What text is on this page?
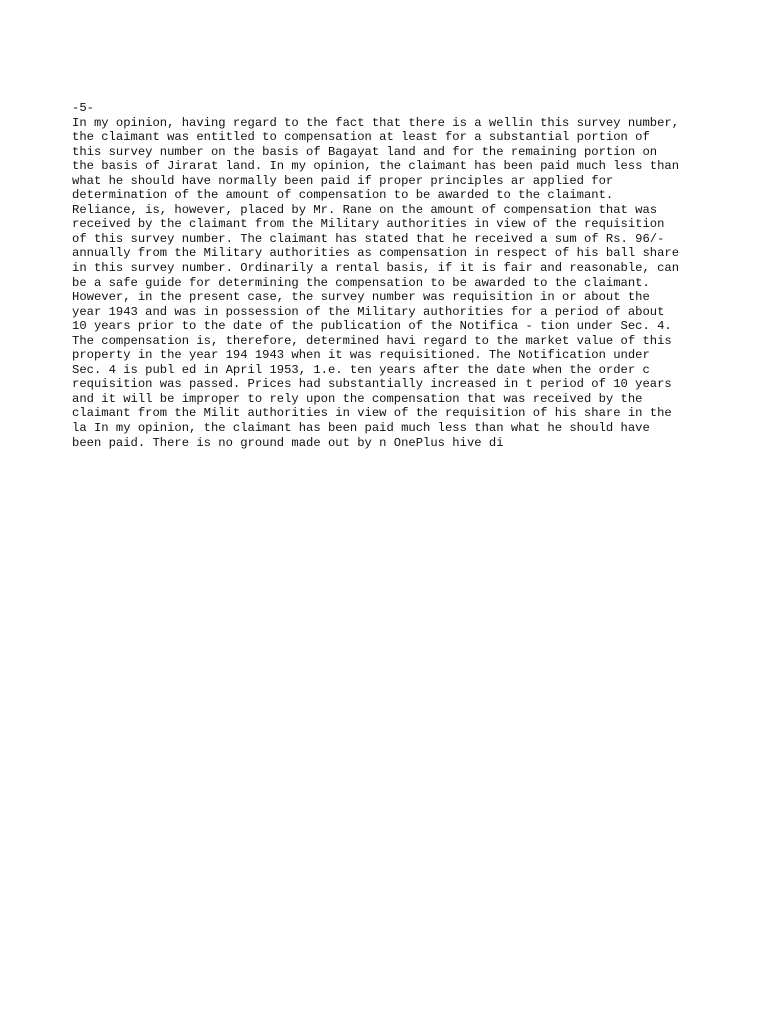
-5-
In my opinion, having regard to the fact that there is a wellin this survey number,
the claimant was entitled to compensation at least for a substantial portion of
this survey number on the basis of Bagayat land and for the remaining portion on
the basis of Jirarat land. In my opinion, the claimant has been paid much less than
what he should have normally been paid if proper principles ar applied for
determination of the amount of compensation to be awarded to the claimant.
Reliance, is, however, placed by Mr. Rane on the amount of compensation that was
received by the claimant from the Military authorities in view of the requisition
of this survey number. The claimant has stated that he received a sum of Rs. 96/-
annually from the Military authorities as compensation in respect of his ball share
in this survey number. Ordinarily a rental basis, if it is fair and reasonable, can
be a safe guide for determining the compensation to be awarded to the claimant.
However, in the present case, the survey number was requisition in or about the
year 1943 and was in possession of the Military authorities for a period of about
10 years prior to the date of the publication of the Notifica - tion under Sec. 4.
The compensation is, therefore, determined havi regard to the market value of this
property in the year 194 1943 when it was requisitioned. The Notification under
Sec. 4 is publ ed in April 1953, 1.e. ten years after the date when the order c
requisition was passed. Prices had substantially increased in t period of 10 years
and it will be improper to rely upon the compensation that was received by the
claimant from the Milit authorities in view of the requisition of his share in the
la In my opinion, the claimant has been paid much less than what he should have
been paid. There is no ground made out by n OnePlus hive di
